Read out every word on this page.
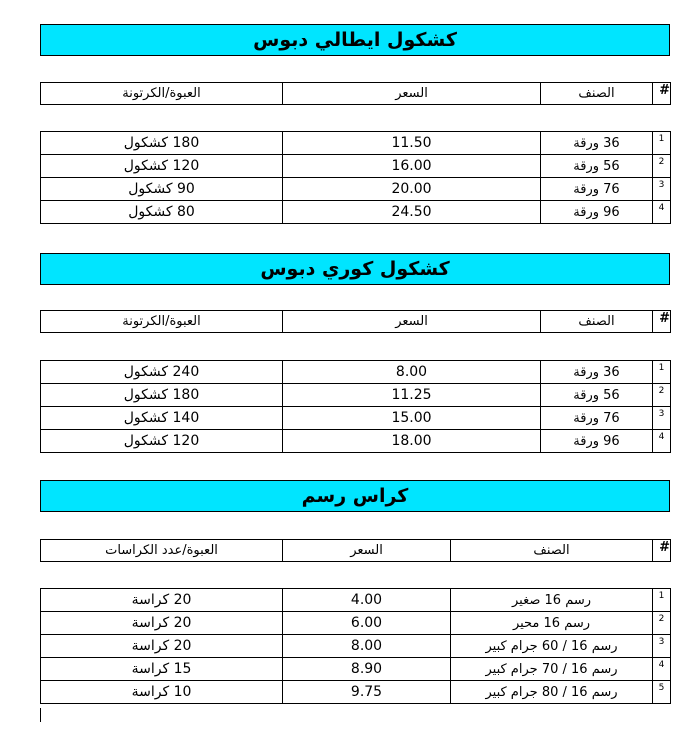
كشكول ايطالي دبوس
#	الصنف	السعر	العبوة/الكرتونة
1	36 ورقة	11.50	180 كشكول
2	56 ورقة	16.00	120 كشكول
3	76 ورقة	20.00	90 كشكول
4	96 ورقة	24.50	80 كشكول
كشكول كوري دبوس
#	الصنف	السعر	العبوة/الكرتونة
1	36 ورقة	8.00	240 كشكول
2	56 ورقة	11.25	180 كشكول
3	76 ورقة	15.00	140 كشكول
4	96 ورقة	18.00	120 كشكول
كراس رسم
#	الصنف	السعر	العبوة/عدد الكراسات
1	رسم 16 صغير	4.00	20 كراسة
2	رسم 16 محير	6.00	20 كراسة
3	رسم 16 / 60 جرام كبير	8.00	20 كراسة
4	رسم 16 / 70 جرام كبير	8.90	15 كراسة
5	رسم 16 / 80 جرام كبير	9.75	10 كراسة
